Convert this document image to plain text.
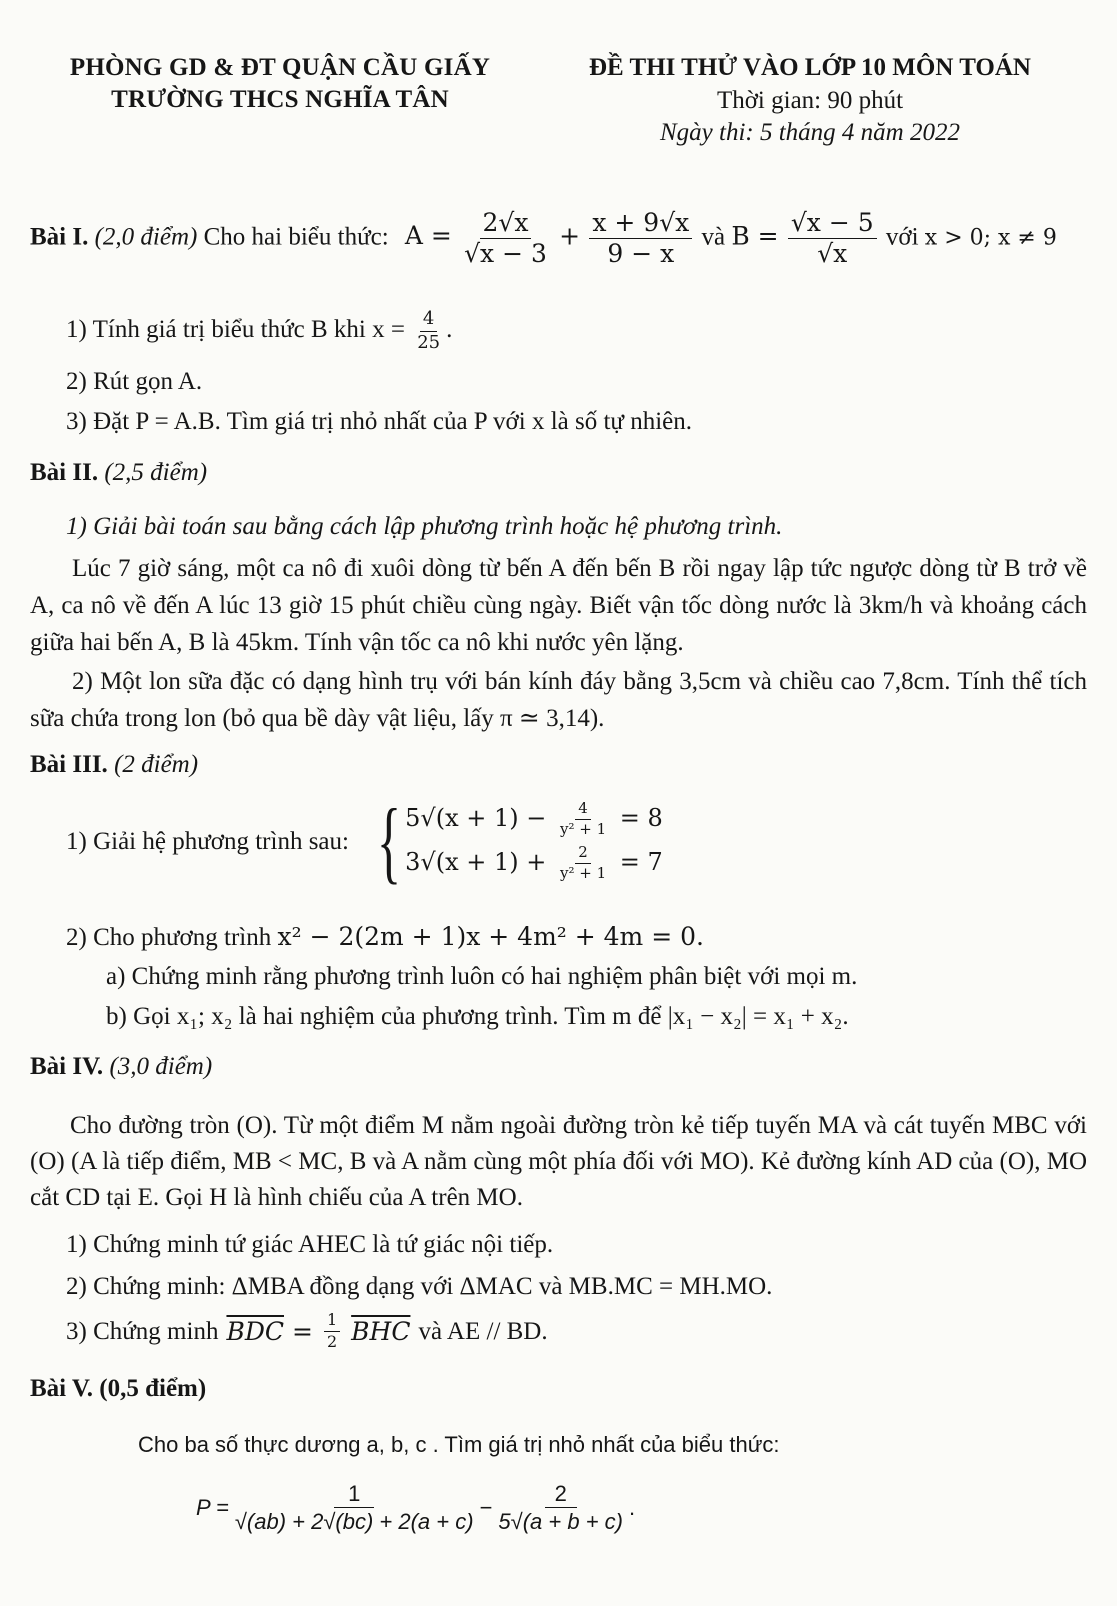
PHÒNG GD & ĐT QUẬN CẦU GIẤY
TRƯỜNG THCS NGHĨA TÂN
ĐỀ THI THỬ VÀO LỚP 10 MÔN TOÁN
Thời gian: 90 phút
Ngày thi: 5 tháng 4 năm 2022
Bài I. (2,0 điểm) Cho hai biểu thức: $A = \frac{2√x}{√x - 3} + \frac{x + 9√x}{9 - x}$ và $B = \frac{√x - 5}{√x}$ với x > 0; x ≠ 9
1) Tính giá trị biểu thức B khi $x = \frac{4}{25}$ .
2) Rút gọn A.
3) Đặt P = A.B. Tìm giá trị nhỏ nhất của P với x là số tự nhiên.
Bài II. (2,5 điểm)
1) Giải bài toán sau bằng cách lập phương trình hoặc hệ phương trình.
Lúc 7 giờ sáng, một ca nô đi xuôi dòng từ bến A đến bến B rồi ngay lập tức ngược dòng từ B trở về A, ca nô về đến A lúc 13 giờ 15 phút chiều cùng ngày. Biết vận tốc dòng nước là 3km/h và khoảng cách giữa hai bến A, B là 45km. Tính vận tốc ca nô khi nước yên lặng.
2) Một lon sữa đặc có dạng hình trụ với bán kính đáy bằng 3,5cm và chiều cao 7,8cm. Tính thể tích sữa chứa trong lon (bỏ qua bề dày vật liệu, lấy π ≃ 3,14).
Bài III. (2 điểm)
1) Giải hệ phương trình sau: { $5√(x + 1) - \frac{4}{\text{y² + 1}} = 8$
$3√(x + 1) + \frac{2}{\text{y² + 1}} = 7$
2) Cho phương trình x² − 2(2m + 1)x + 4m² + 4m = 0.
a) Chứng minh rằng phương trình luôn có hai nghiệm phân biệt với mọi m.
b) Gọi x₁; x₂ là hai nghiệm của phương trình. Tìm m để |x₁ − x₂| = x₁ + x₂.
Bài IV. (3,0 điểm)
Cho đường tròn (O). Từ một điểm M nằm ngoài đường tròn kẻ tiếp tuyến MA và cát tuyến MBC với (O) (A là tiếp điểm, MB < MC, B và A nằm cùng một phía đối với MO). Kẻ đường kính AD của (O), MO cắt CD tại E. Gọi H là hình chiếu của A trên MO.
1) Chứng minh tứ giác AHEC là tứ giác nội tiếp.
2) Chứng minh: ΔMBA đồng dạng với ΔMAC và MB.MC = MH.MO.
3) Chứng minh $\overline{BDC} = \frac{1}{2} \overline{BHC}$ và AE // BD.
Bài V. (0,5 điểm)
Cho ba số thực dương a, b, c . Tìm giá trị nhỏ nhất của biểu thức:
$P = \frac{1}{√(ab) + 2√(bc) + 2(a + c)} - \frac{2}{5√(a + b + c)}$ .
